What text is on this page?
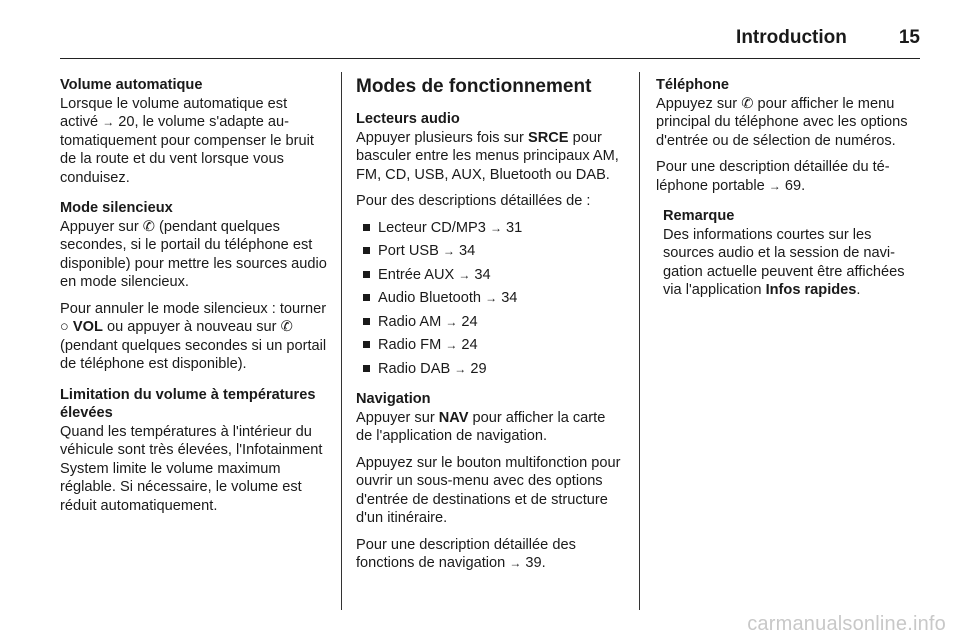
Introduction	15

Volume automatique

Lorsque le volume automatique est activé → 20, le volume s'adapte automatiquement pour compenser le bruit de la route et du vent lorsque vous conduisez.

Mode silencieux

Appuyer sur ✆ (pendant quelques secondes, si le portail du téléphone est disponible) pour mettre les sources audio en mode silencieux.

Pour annuler le mode silencieux : tourner ○ VOL ou appuyer à nouveau sur ✆ (pendant quelques secondes si un portail de téléphone est disponible).

Limitation du volume à températures élevées

Quand les températures à l'intérieur du véhicule sont très élevées, l'Infotainment System limite le volume maximum réglable. Si nécessaire, le volume est réduit automatiquement.

Modes de fonctionnement

Lecteurs audio

Appuyer plusieurs fois sur SRCE pour basculer entre les menus principaux AM, FM, CD, USB, AUX, Bluetooth ou DAB.

Pour des descriptions détaillées de :

Lecteur CD/MP3 → 31
Port USB → 34
Entrée AUX → 34
Audio Bluetooth → 34
Radio AM → 24
Radio FM → 24
Radio DAB → 29

Navigation

Appuyer sur NAV pour afficher la carte de l'application de navigation.

Appuyez sur le bouton multifonction pour ouvrir un sous-menu avec des options d'entrée de destinations et de structure d'un itinéraire.

Pour une description détaillée des fonctions de navigation → 39.

Téléphone

Appuyez sur ✆ pour afficher le menu principal du téléphone avec les options d'entrée ou de sélection de numéros.

Pour une description détaillée du téléphone portable → 69.

Remarque

Des informations courtes sur les sources audio et la session de navigation actuelle peuvent être affichées via l'application Infos rapides.

carmanualsonline.info
